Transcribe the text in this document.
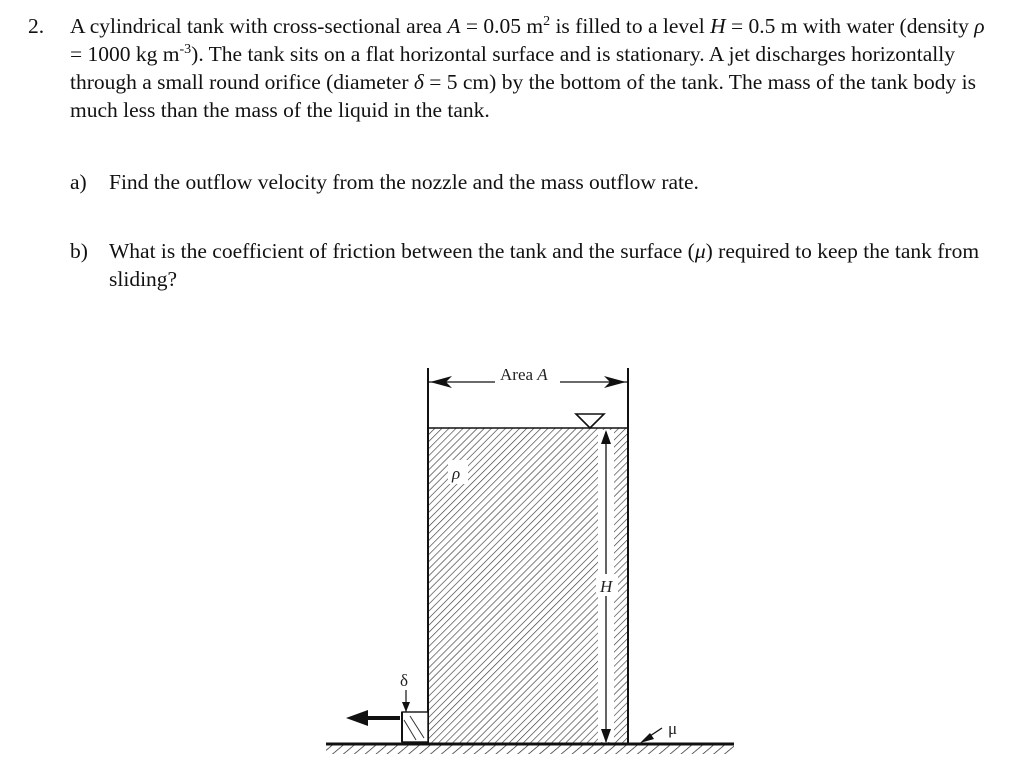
2. A cylindrical tank with cross-sectional area A = 0.05 $m^2$ is filled to a level H = 0.5 m with water (density ρ = 1000 kg $m^{-3}$). The tank sits on a flat horizontal surface and is stationary. A jet discharges horizontally through a small round orifice (diameter δ = 5 cm) by the bottom of the tank. The mass of the tank body is much less than the mass of the liquid in the tank.
a) Find the outflow velocity from the nozzle and the mass outflow rate.
b) What is the coefficient of friction between the tank and the surface (μ) required to keep the tank from sliding?
Area A
H
ρ
δ
μ
